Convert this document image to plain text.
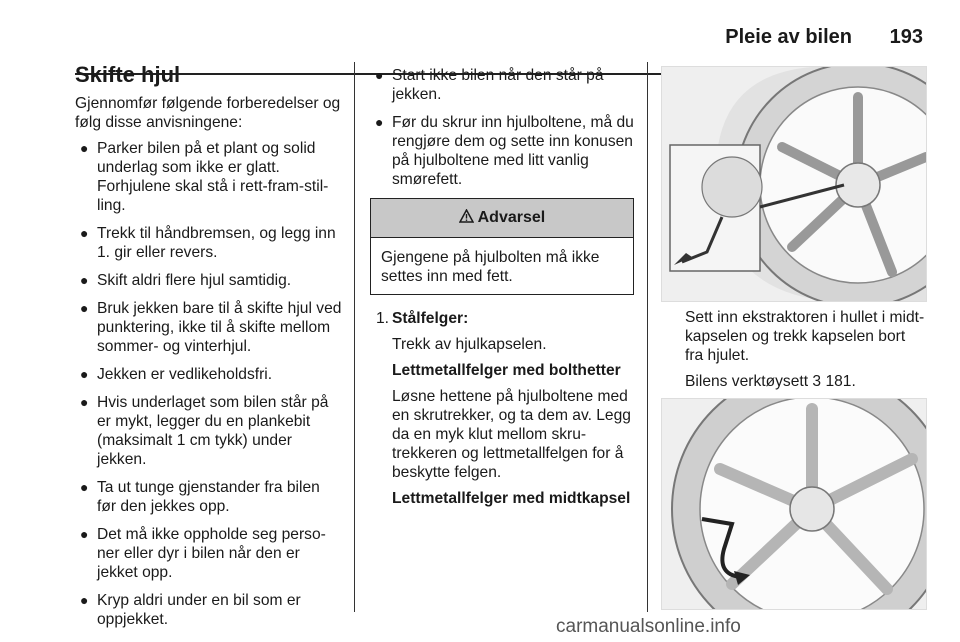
Pleie av bilen 193
Skifte hjul

Gjennomfør følgende forberedelser og følg disse anvisningene:

● Parker bilen på et plant og solid underlag som ikke er glatt. Forhjulene skal stå i rett-fram-stil-ling.
● Trekk til håndbremsen, og legg inn 1. gir eller revers.
● Skift aldri flere hjul samtidig.
● Bruk jekken bare til å skifte hjul ved punktering, ikke til å skifte mellom sommer- og vinterhjul.
● Jekken er vedlikeholdsfri.
● Hvis underlaget som bilen står på er mykt, legger du en plankebit (maksimalt 1 cm tykk) under jekken.
● Ta ut tunge gjenstander fra bilen før den jekkes opp.
● Det må ikke oppholde seg perso-ner eller dyr i bilen når den er jekket opp.
● Kryp aldri under en bil som er oppjekket.
● Start ikke bilen når den står på jekken.
● Før du skrur inn hjulboltene, må du rengjøre dem og sette inn konusen på hjulboltene med litt vanlig smørefett.
Advarsel
Gjengene på hjulbolten må ikke settes inn med fett.
1. Stålfelger:

Trekk av hjulkapselen.

Lettmetallfelger med bolthetter

Løsne hettene på hjulboltene med en skrutrekker, og ta dem av. Legg da en myk klut mellom skru-trekkeren og lettmetallfelgen for å beskytte felgen.

Lettmetallfelger med midtkapsel

Sett inn ekstraktoren i hullet i midt-kapselen og trekk kapselen bort fra hjulet.

Bilens verktøysett 3 181.

carmanualsonline.info
